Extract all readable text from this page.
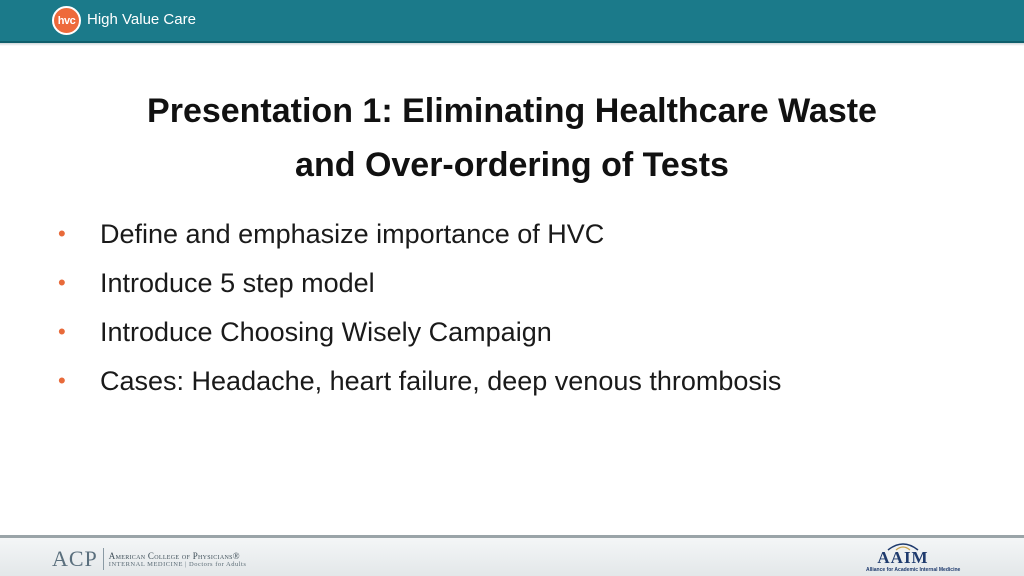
hvc High Value Care
Presentation 1: Eliminating Healthcare Waste
and Over-ordering of Tests
• Define and emphasize importance of HVC
• Introduce 5 step model
• Introduce Choosing Wisely Campaign
• Cases: Headache, heart failure, deep venous thrombosis
ACP American College of Physicians®
INTERNAL MEDICINE | Doctors for Adults	AAIM
Alliance for Academic Internal Medicine
